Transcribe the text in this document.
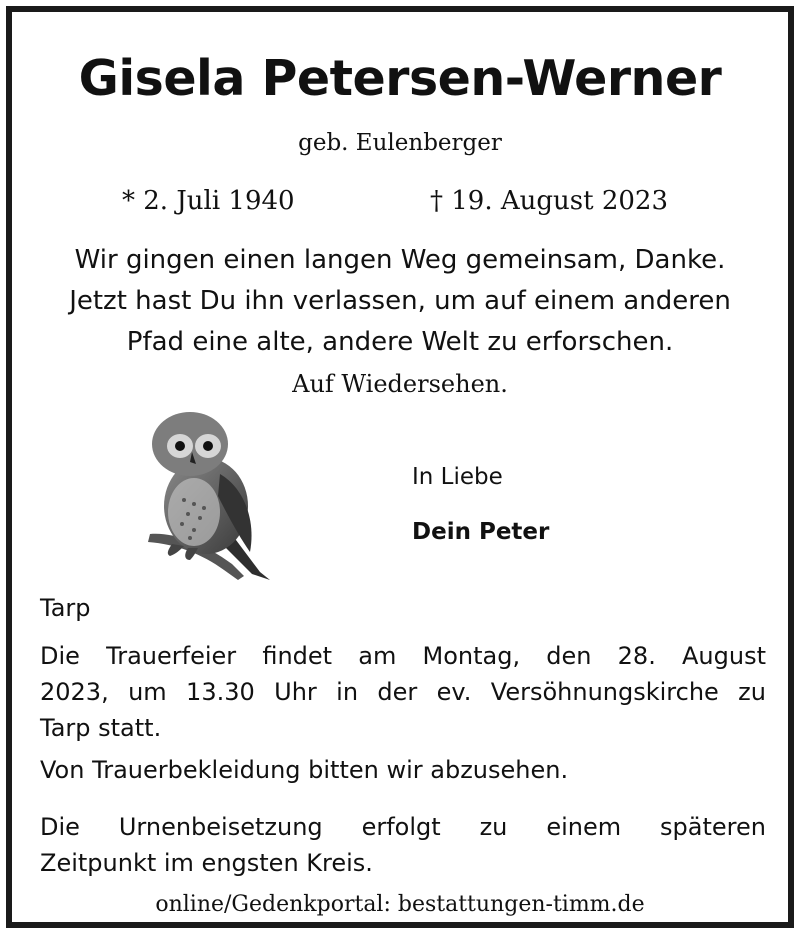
Gisela Petersen-Werner

geb. Eulenberger

* 2. Juli 1940	† 19. August 2023

Wir gingen einen langen Weg gemeinsam, Danke.
Jetzt hast Du ihn verlassen, um auf einem anderen
Pfad eine alte, andere Welt zu erforschen.

Auf Wiedersehen.

In Liebe

Dein Peter

Tarp

Die Trauerfeier findet am Montag, den 28. August
2023, um 13.30 Uhr in der ev. Versöhnungskirche zu
Tarp statt.

Von Trauerbekleidung bitten wir abzusehen.

Die Urnenbeisetzung erfolgt zu einem späteren
Zeitpunkt im engsten Kreis.

online/Gedenkportal: bestattungen-timm.de
